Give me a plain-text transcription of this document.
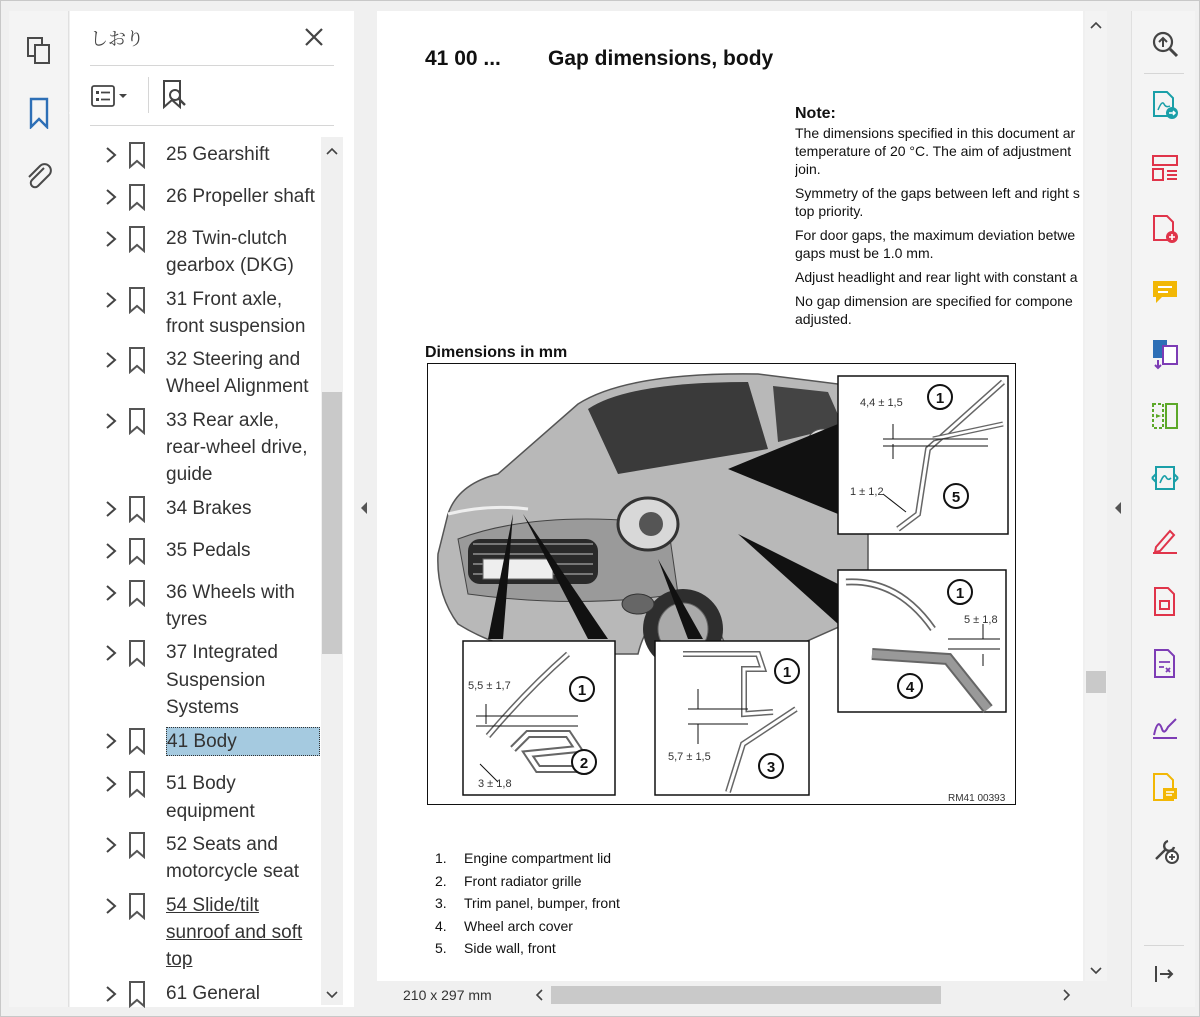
しおり
25 Gearshift
26 Propeller shaft
28 Twin-clutch gearbox (DKG)
31 Front axle, front suspension
32 Steering and Wheel Alignment
33 Rear axle, rear-wheel drive, guide
34 Brakes
35 Pedals
36 Wheels with tyres
37 Integrated Suspension Systems
41 Body
51 Body equipment
52 Seats and motorcycle seat
54 Slide/tilt sunroof and soft top
61 General
41 00 ... Gap dimensions, body
Note:

The dimensions specified in this document ar
temperature of 20 °C. The aim of adjustment
join.

Symmetry of the gaps between left and right s
top priority.

For door gaps, the maximum deviation betwe
gaps must be 1.0 mm.

Adjust headlight and rear light with constant a

No gap dimension are specified for compone
adjusted.

Dimensions in mm
1
5
1
4
1
2
1
3
4,4 ± 1,5
1 ± 1,2
5 ± 1,8
5,5 ± 1,7
3 ± 1,8
5,7 ± 1,5
RM41 00393
1. Engine compartment lid
2. Front radiator grille
3. Trim panel, bumper, front
4. Wheel arch cover
5. Side wall, front
210 x 297 mm
